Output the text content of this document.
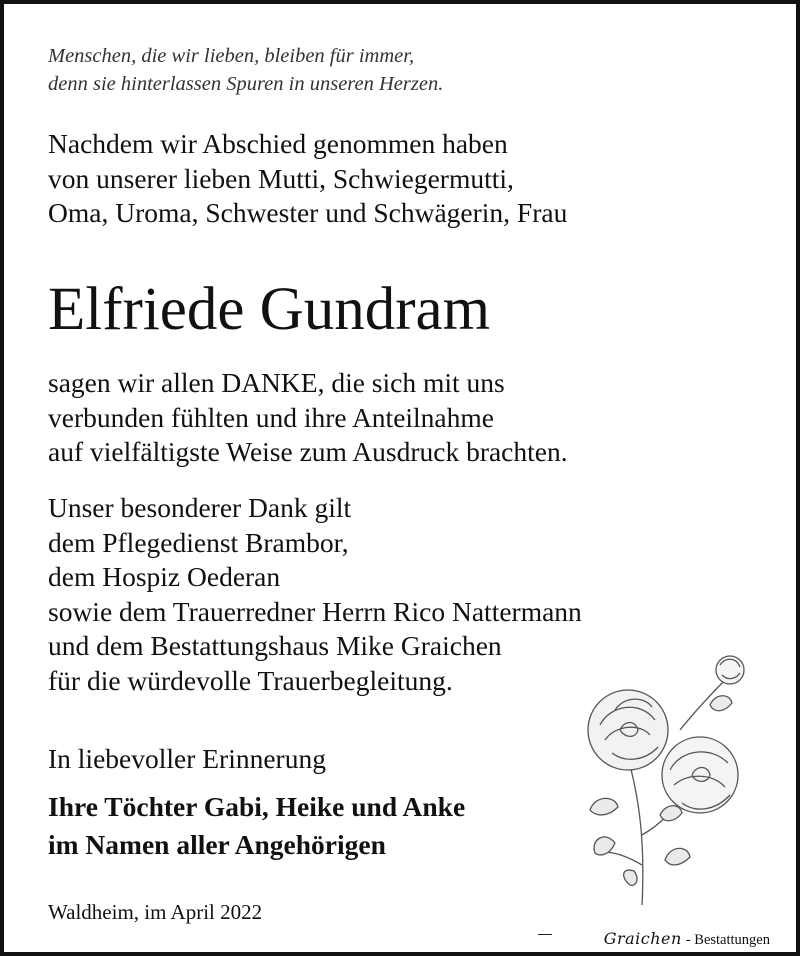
Menschen, die wir lieben, bleiben für immer,
denn sie hinterlassen Spuren in unseren Herzen.
Nachdem wir Abschied genommen haben
von unserer lieben Mutti, Schwiegermutti,
Oma, Uroma, Schwester und Schwägerin, Frau
Elfriede Gundram
sagen wir allen DANKE, die sich mit uns
verbunden fühlten und ihre Anteilnahme
auf vielfältigste Weise zum Ausdruck brachten.
Unser besonderer Dank gilt
dem Pflegedienst Brambor,
dem Hospiz Oederan
sowie dem Trauerredner Herrn Rico Nattermann
und dem Bestattungshaus Mike Graichen
für die würdevolle Trauerbegleitung.
In liebevoller Erinnerung
Ihre Töchter Gabi, Heike und Anke
im Namen aller Angehörigen
Waldheim, im April 2022
Graichen - Bestattungen
